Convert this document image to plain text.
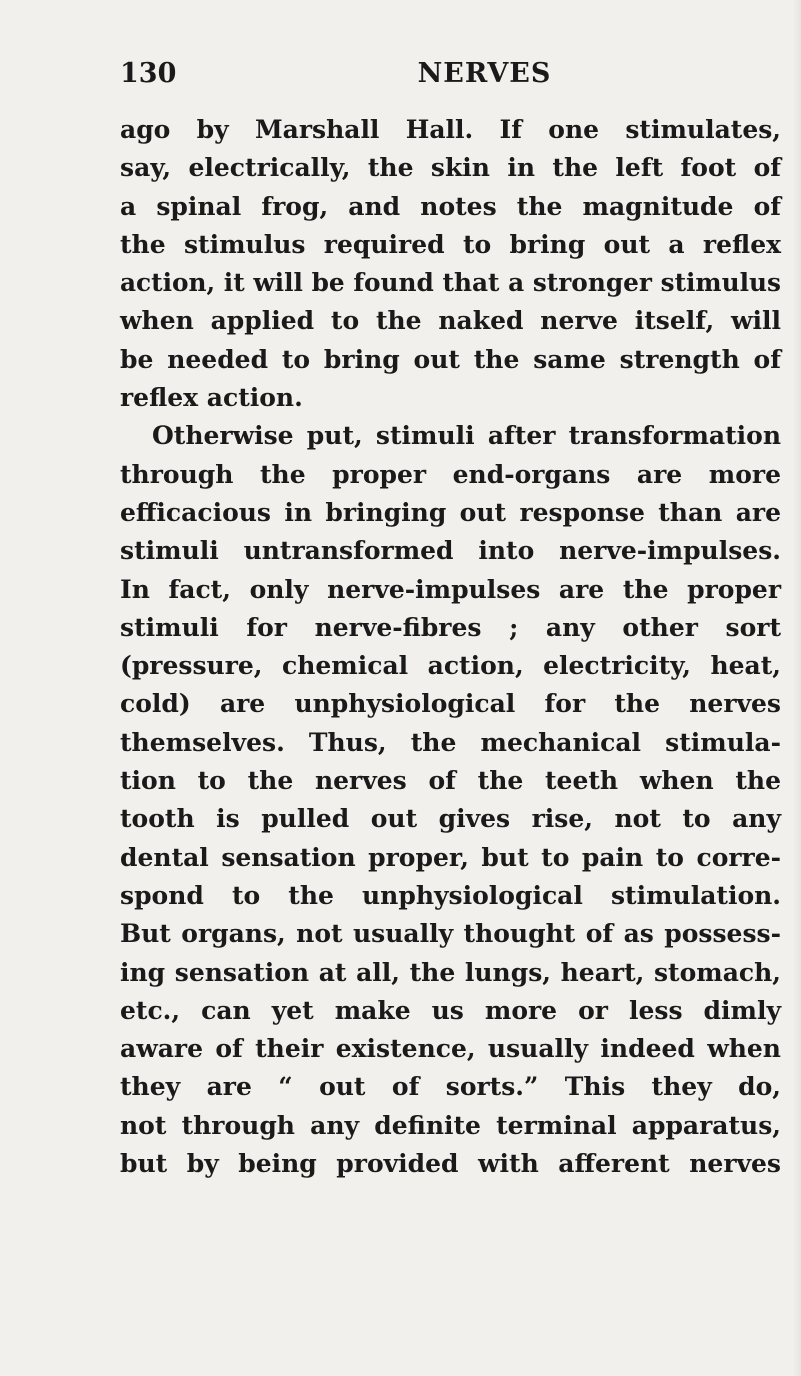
130	NERVES
ago by Marshall Hall. If one stimulates,
say, electrically, the skin in the left foot of
a spinal frog, and notes the magnitude of
the stimulus required to bring out a reflex
action, it will be found that a stronger stimulus
when applied to the naked nerve itself, will
be needed to bring out the same strength of
reflex action.
Otherwise put, stimuli after transformation
through the proper end-organs are more
efficacious in bringing out response than are
stimuli untransformed into nerve-impulses.
In fact, only nerve-impulses are the proper
stimuli for nerve-fibres ; any other sort
(pressure, chemical action, electricity, heat,
cold) are unphysiological for the nerves
themselves. Thus, the mechanical stimula-
tion to the nerves of the teeth when the
tooth is pulled out gives rise, not to any
dental sensation proper, but to pain to corre-
spond to the unphysiological stimulation.
But organs, not usually thought of as possess-
ing sensation at all, the lungs, heart, stomach,
etc., can yet make us more or less dimly
aware of their existence, usually indeed when
they are “ out of sorts.” This they do,
not through any definite terminal apparatus,
but by being provided with afferent nerves
